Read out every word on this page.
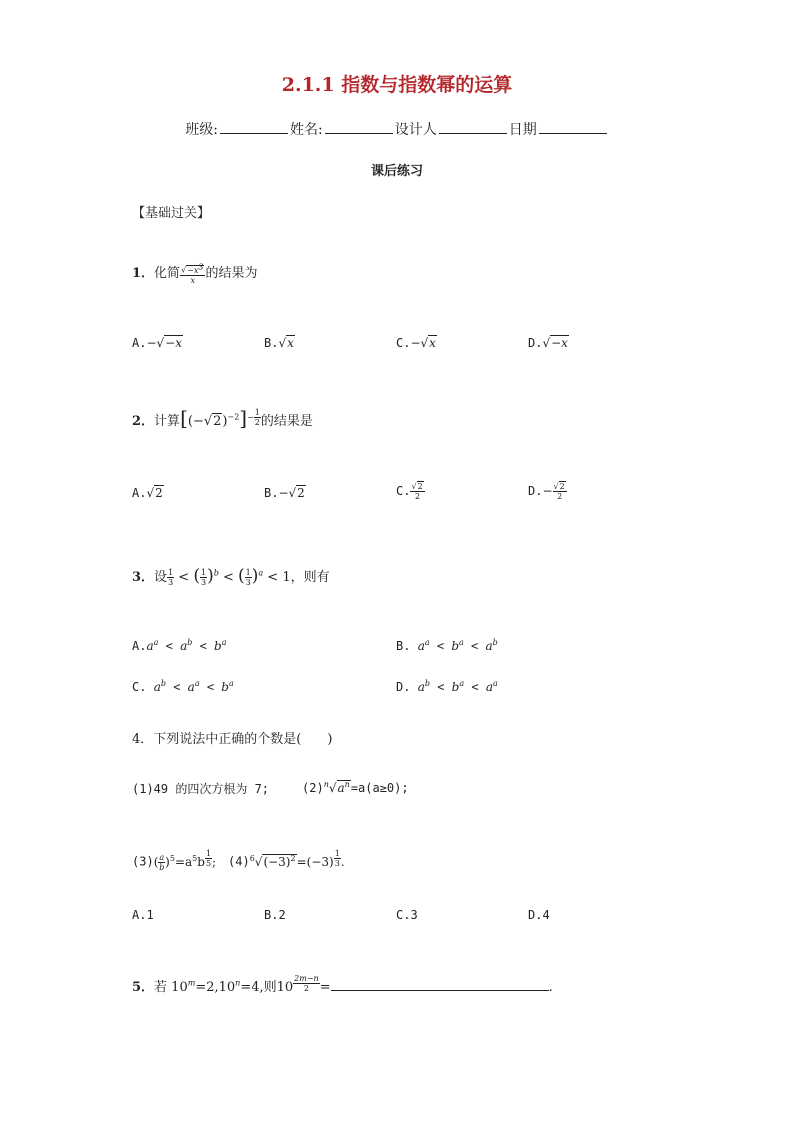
2.1.1 指数与指数幂的运算
班级:	姓名:	设计人	日期
课后练习
【基础过关】
1．化简 $\frac{√-x^3}{x}$ 的结果为
A.−√−x	B.√x	C.−√x	D.√−x
2．计算$[(-√2)^{-2}]^{- \frac{1}{2}}$ 的结果是
A.√2	B.−√2	C. $\frac{√2}{2}$	$D.- \frac{√2}{2}$
3．设 $\frac{1}{3}$ < ( $\frac{1}{3} )^b$ < ( $\frac{1}{3} )^a < 1$，则有
$A.a^a < a^b < b^a$	B. $a^a < b^a < a^b$
C. $a^b < a^a < b^a$	D. $a^b < b^a < a^a$
4．下列说法中正确的个数是(　　)
(1)49 的四次方根为 7;	$(2)^n√a^n=a(a\ge 0)$;
$(3)( \frac{a}{b} )^5=a^5b$ $^{\frac{1}{5}}$ ; $(4)^6√(-3)^2=(-3)$ $^{\frac{1}{3}}$ .
A.1	B.2	C.3	D.4
5．若 $10^m=2,10^n=4$,则10 $^{\frac{2m-n}{2}}$ =	.
